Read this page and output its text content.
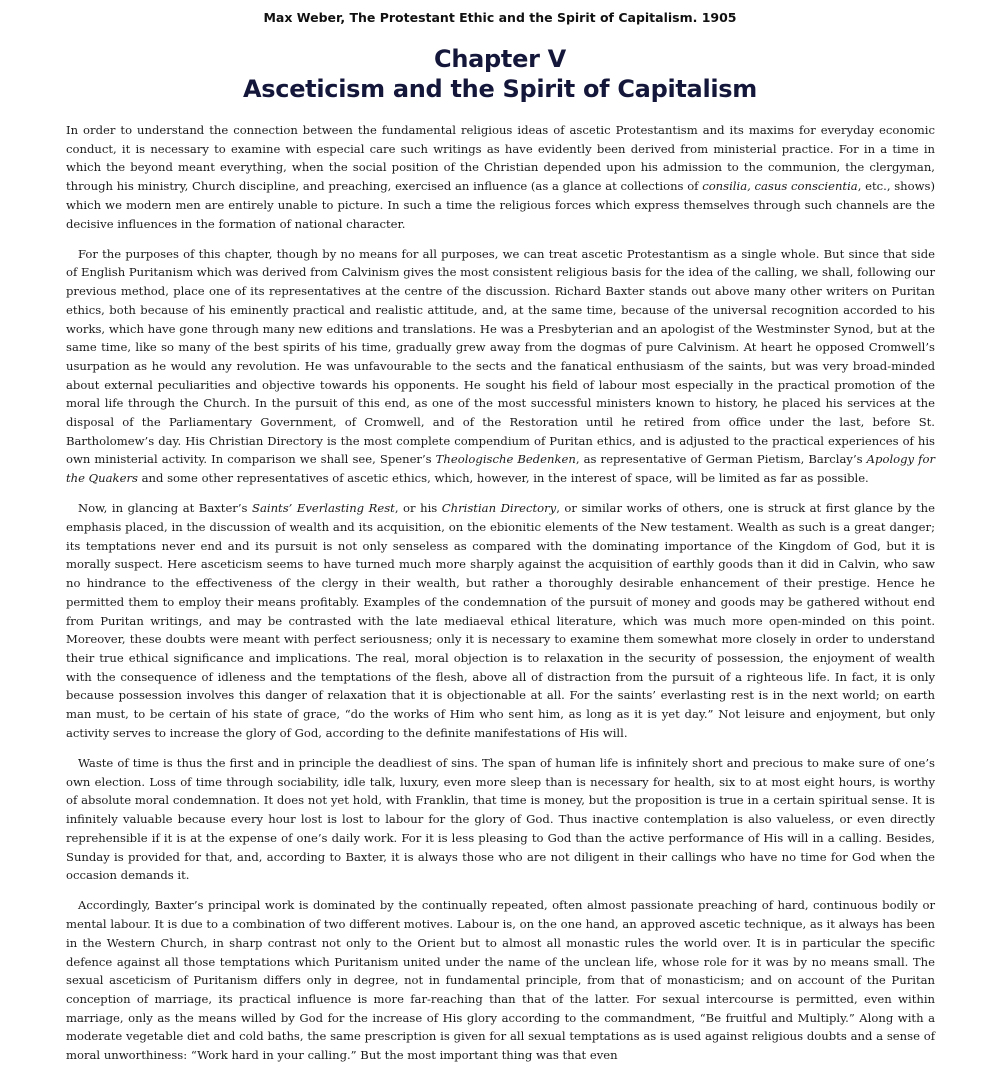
Max Weber, The Protestant Ethic and the Spirit of Capitalism. 1905
Chapter V
Asceticism and the Spirit of Capitalism

In order to understand the connection between the fundamental religious ideas of ascetic Protestantism and its maxims for everyday economic conduct, it is necessary to examine with especial care such writings as have evidently been derived from ministerial practice. For in a time in which the beyond meant everything, when the social position of the Christian depended upon his admission to the communion, the clergyman, through his ministry, Church discipline, and preaching, exercised an influence (as a glance at collections of consilia, casus conscientia, etc., shows) which we modern men are entirely unable to picture. In such a time the religious forces which express themselves through such channels are the decisive influences in the formation of national character.

For the purposes of this chapter, though by no means for all purposes, we can treat ascetic Protestantism as a single whole. But since that side of English Puritanism which was derived from Calvinism gives the most consistent religious basis for the idea of the calling, we shall, following our previous method, place one of its representatives at the centre of the discussion. Richard Baxter stands out above many other writers on Puritan ethics, both because of his eminently practical and realistic attitude, and, at the same time, because of the universal recognition accorded to his works, which have gone through many new editions and translations. He was a Presbyterian and an apologist of the Westminster Synod, but at the same time, like so many of the best spirits of his time, gradually grew away from the dogmas of pure Calvinism. At heart he opposed Cromwell’s usurpation as he would any revolution. He was unfavourable to the sects and the fanatical enthusiasm of the saints, but was very broad-minded about external peculiarities and objective towards his opponents. He sought his field of labour most especially in the practical promotion of the moral life through the Church. In the pursuit of this end, as one of the most successful ministers known to history, he placed his services at the disposal of the Parliamentary Government, of Cromwell, and of the Restoration until he retired from office under the last, before St. Bartholomew’s day. His Christian Directory is the most complete compendium of Puritan ethics, and is adjusted to the practical experiences of his own ministerial activity. In comparison we shall see, Spener’s Theologische Bedenken, as representative of German Pietism, Barclay’s Apology for the Quakers and some other representatives of ascetic ethics, which, however, in the interest of space, will be limited as far as possible.

Now, in glancing at Baxter’s Saints’ Everlasting Rest, or his Christian Directory, or similar works of others, one is struck at first glance by the emphasis placed, in the discussion of wealth and its acquisition, on the ebionitic elements of the New testament. Wealth as such is a great danger; its temptations never end and its pursuit is not only senseless as compared with the dominating importance of the Kingdom of God, but it is morally suspect. Here asceticism seems to have turned much more sharply against the acquisition of earthly goods than it did in Calvin, who saw no hindrance to the effectiveness of the clergy in their wealth, but rather a thoroughly desirable enhancement of their prestige. Hence he permitted them to employ their means profitably. Examples of the condemnation of the pursuit of money and goods may be gathered without end from Puritan writings, and may be contrasted with the late mediaeval ethical literature, which was much more open-minded on this point. Moreover, these doubts were meant with perfect seriousness; only it is necessary to examine them somewhat more closely in order to understand their true ethical significance and implications. The real, moral objection is to relaxation in the security of possession, the enjoyment of wealth with the consequence of idleness and the temptations of the flesh, above all of distraction from the pursuit of a righteous life. In fact, it is only because possession involves this danger of relaxation that it is objectionable at all. For the saints’ everlasting rest is in the next world; on earth man must, to be certain of his state of grace, “do the works of Him who sent him, as long as it is yet day.” Not leisure and enjoyment, but only activity serves to increase the glory of God, according to the definite manifestations of His will.

Waste of time is thus the first and in principle the deadliest of sins. The span of human life is infinitely short and precious to make sure of one’s own election. Loss of time through sociability, idle talk, luxury, even more sleep than is necessary for health, six to at most eight hours, is worthy of absolute moral condemnation. It does not yet hold, with Franklin, that time is money, but the proposition is true in a certain spiritual sense. It is infinitely valuable because every hour lost is lost to labour for the glory of God. Thus inactive contemplation is also valueless, or even directly reprehensible if it is at the expense of one’s daily work. For it is less pleasing to God than the active performance of His will in a calling. Besides, Sunday is provided for that, and, according to Baxter, it is always those who are not diligent in their callings who have no time for God when the occasion demands it.

Accordingly, Baxter’s principal work is dominated by the continually repeated, often almost passionate preaching of hard, continuous bodily or mental labour. It is due to a combination of two different motives. Labour is, on the one hand, an approved ascetic technique, as it always has been in the Western Church, in sharp contrast not only to the Orient but to almost all monastic rules the world over. It is in particular the specific defence against all those temptations which Puritanism united under the name of the unclean life, whose role for it was by no means small. The sexual asceticism of Puritanism differs only in degree, not in fundamental principle, from that of monasticism; and on account of the Puritan conception of marriage, its practical influence is more far-reaching than that of the latter. For sexual intercourse is permitted, even within marriage, only as the means willed by God for the increase of His glory according to the commandment, “Be fruitful and Multiply.” Along with a moderate vegetable diet and cold baths, the same prescription is given for all sexual temptations as is used against religious doubts and a sense of moral unworthiness: “Work hard in your calling.” But the most important thing was that even
